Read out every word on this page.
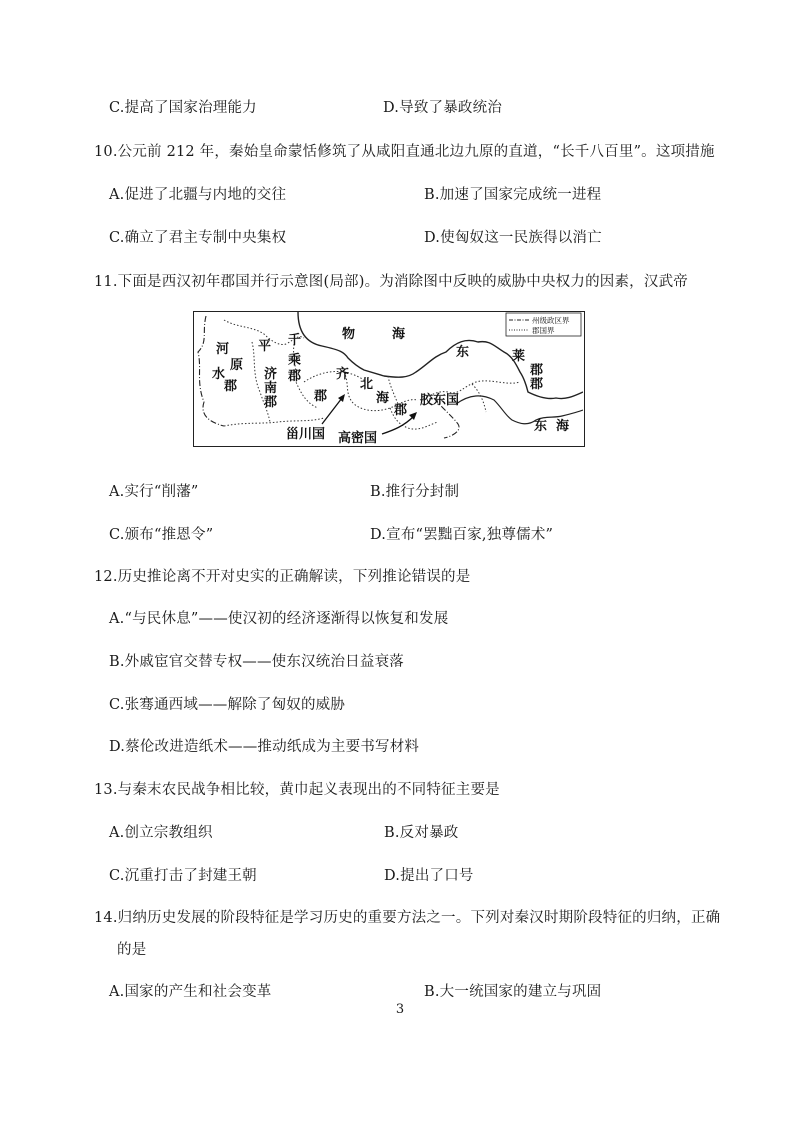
C.提高了国家治理能力	D.导致了暴政统治
10.公元前 212 年，秦始皇命蒙恬修筑了从咸阳直通北边九原的直道，“长千八百里”。这项措施
A.促进了北疆与内地的交往	B.加速了国家完成统一进程
C.确立了君主专制中央集权	D.使匈奴这一民族得以消亡
11.下面是西汉初年郡国并行示意图(局部)。为消除图中反映的威胁中央权力的因素，汉武帝
州级政区界
郡国界
河 平 千	物	海
东	莱
原	乘
水
郡
济
南
郡
郡	齐
郡
北
海
郡
胶东国
郡
郡
东  海
甾川国 高密国
A.实行“削藩”	B.推行分封制
C.颁布“推恩令”	D.宣布“罢黜百家,独尊儒术”
12.历史推论离不开对史实的正确解读，下列推论错误的是
A.“与民休息”——使汉初的经济逐渐得以恢复和发展
B.外戚宦官交替专权——使东汉统治日益衰落
C.张骞通西域——解除了匈奴的威胁
D.蔡伦改进造纸术——推动纸成为主要书写材料
13.与秦末农民战争相比较，黄巾起义表现出的不同特征主要是
A.创立宗教组织	B.反对暴政
C.沉重打击了封建王朝	D.提出了口号
14.归纳历史发展的阶段特征是学习历史的重要方法之一。下列对秦汉时期阶段特征的归纳，正确
的是
A.国家的产生和社会变革	B.大一统国家的建立与巩固
3
